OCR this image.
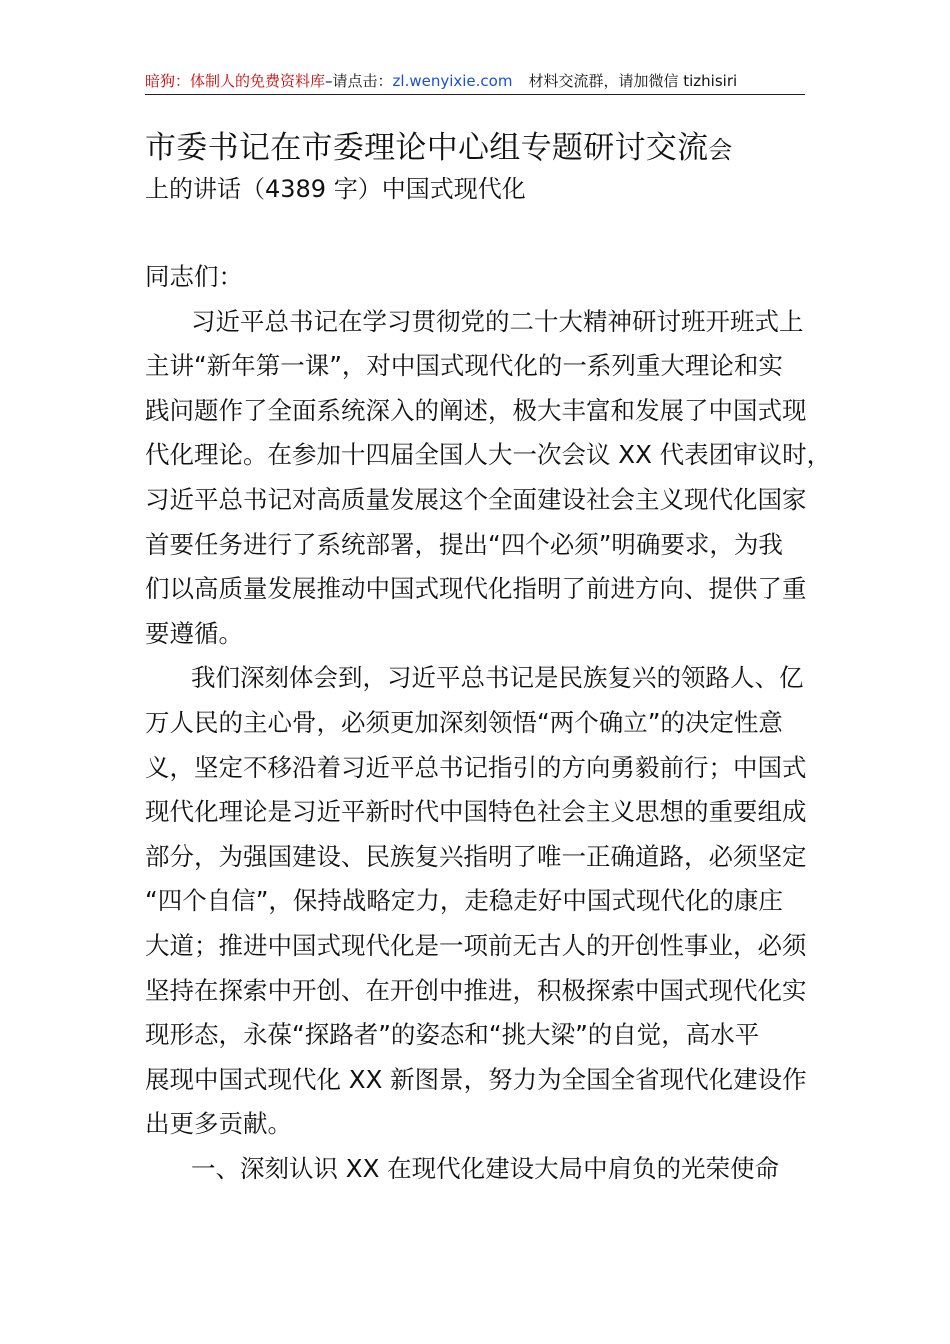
暗狗：体制人的免费资料库–请点击：zl.wenyixie.com 材料交流群，请加微信 tizhisiri
市委书记在市委理论中心组专题研讨交流会
上的讲话（4389 字）中国式现代化
同志们：
习近平总书记在学习贯彻党的二十大精神研讨班开班式上
主讲“新年第一课”，对中国式现代化的一系列重大理论和实
践问题作了全面系统深入的阐述，极大丰富和发展了中国式现
代化理论。在参加十四届全国人大一次会议 XX 代表团审议时，
习近平总书记对高质量发展这个全面建设社会主义现代化国家
首要任务进行了系统部署，提出“四个必须”明确要求，为我
们以高质量发展推动中国式现代化指明了前进方向、提供了重
要遵循。
我们深刻体会到，习近平总书记是民族复兴的领路人、亿
万人民的主心骨，必须更加深刻领悟“两个确立”的决定性意
义，坚定不移沿着习近平总书记指引的方向勇毅前行；中国式
现代化理论是习近平新时代中国特色社会主义思想的重要组成
部分，为强国建设、民族复兴指明了唯一正确道路，必须坚定
“四个自信”，保持战略定力，走稳走好中国式现代化的康庄
大道；推进中国式现代化是一项前无古人的开创性事业，必须
坚持在探索中开创、在开创中推进，积极探索中国式现代化实
现形态，永葆“探路者”的姿态和“挑大梁”的自觉，高水平
展现中国式现代化 XX 新图景，努力为全国全省现代化建设作
出更多贡献。
一、深刻认识 XX 在现代化建设大局中肩负的光荣使命
